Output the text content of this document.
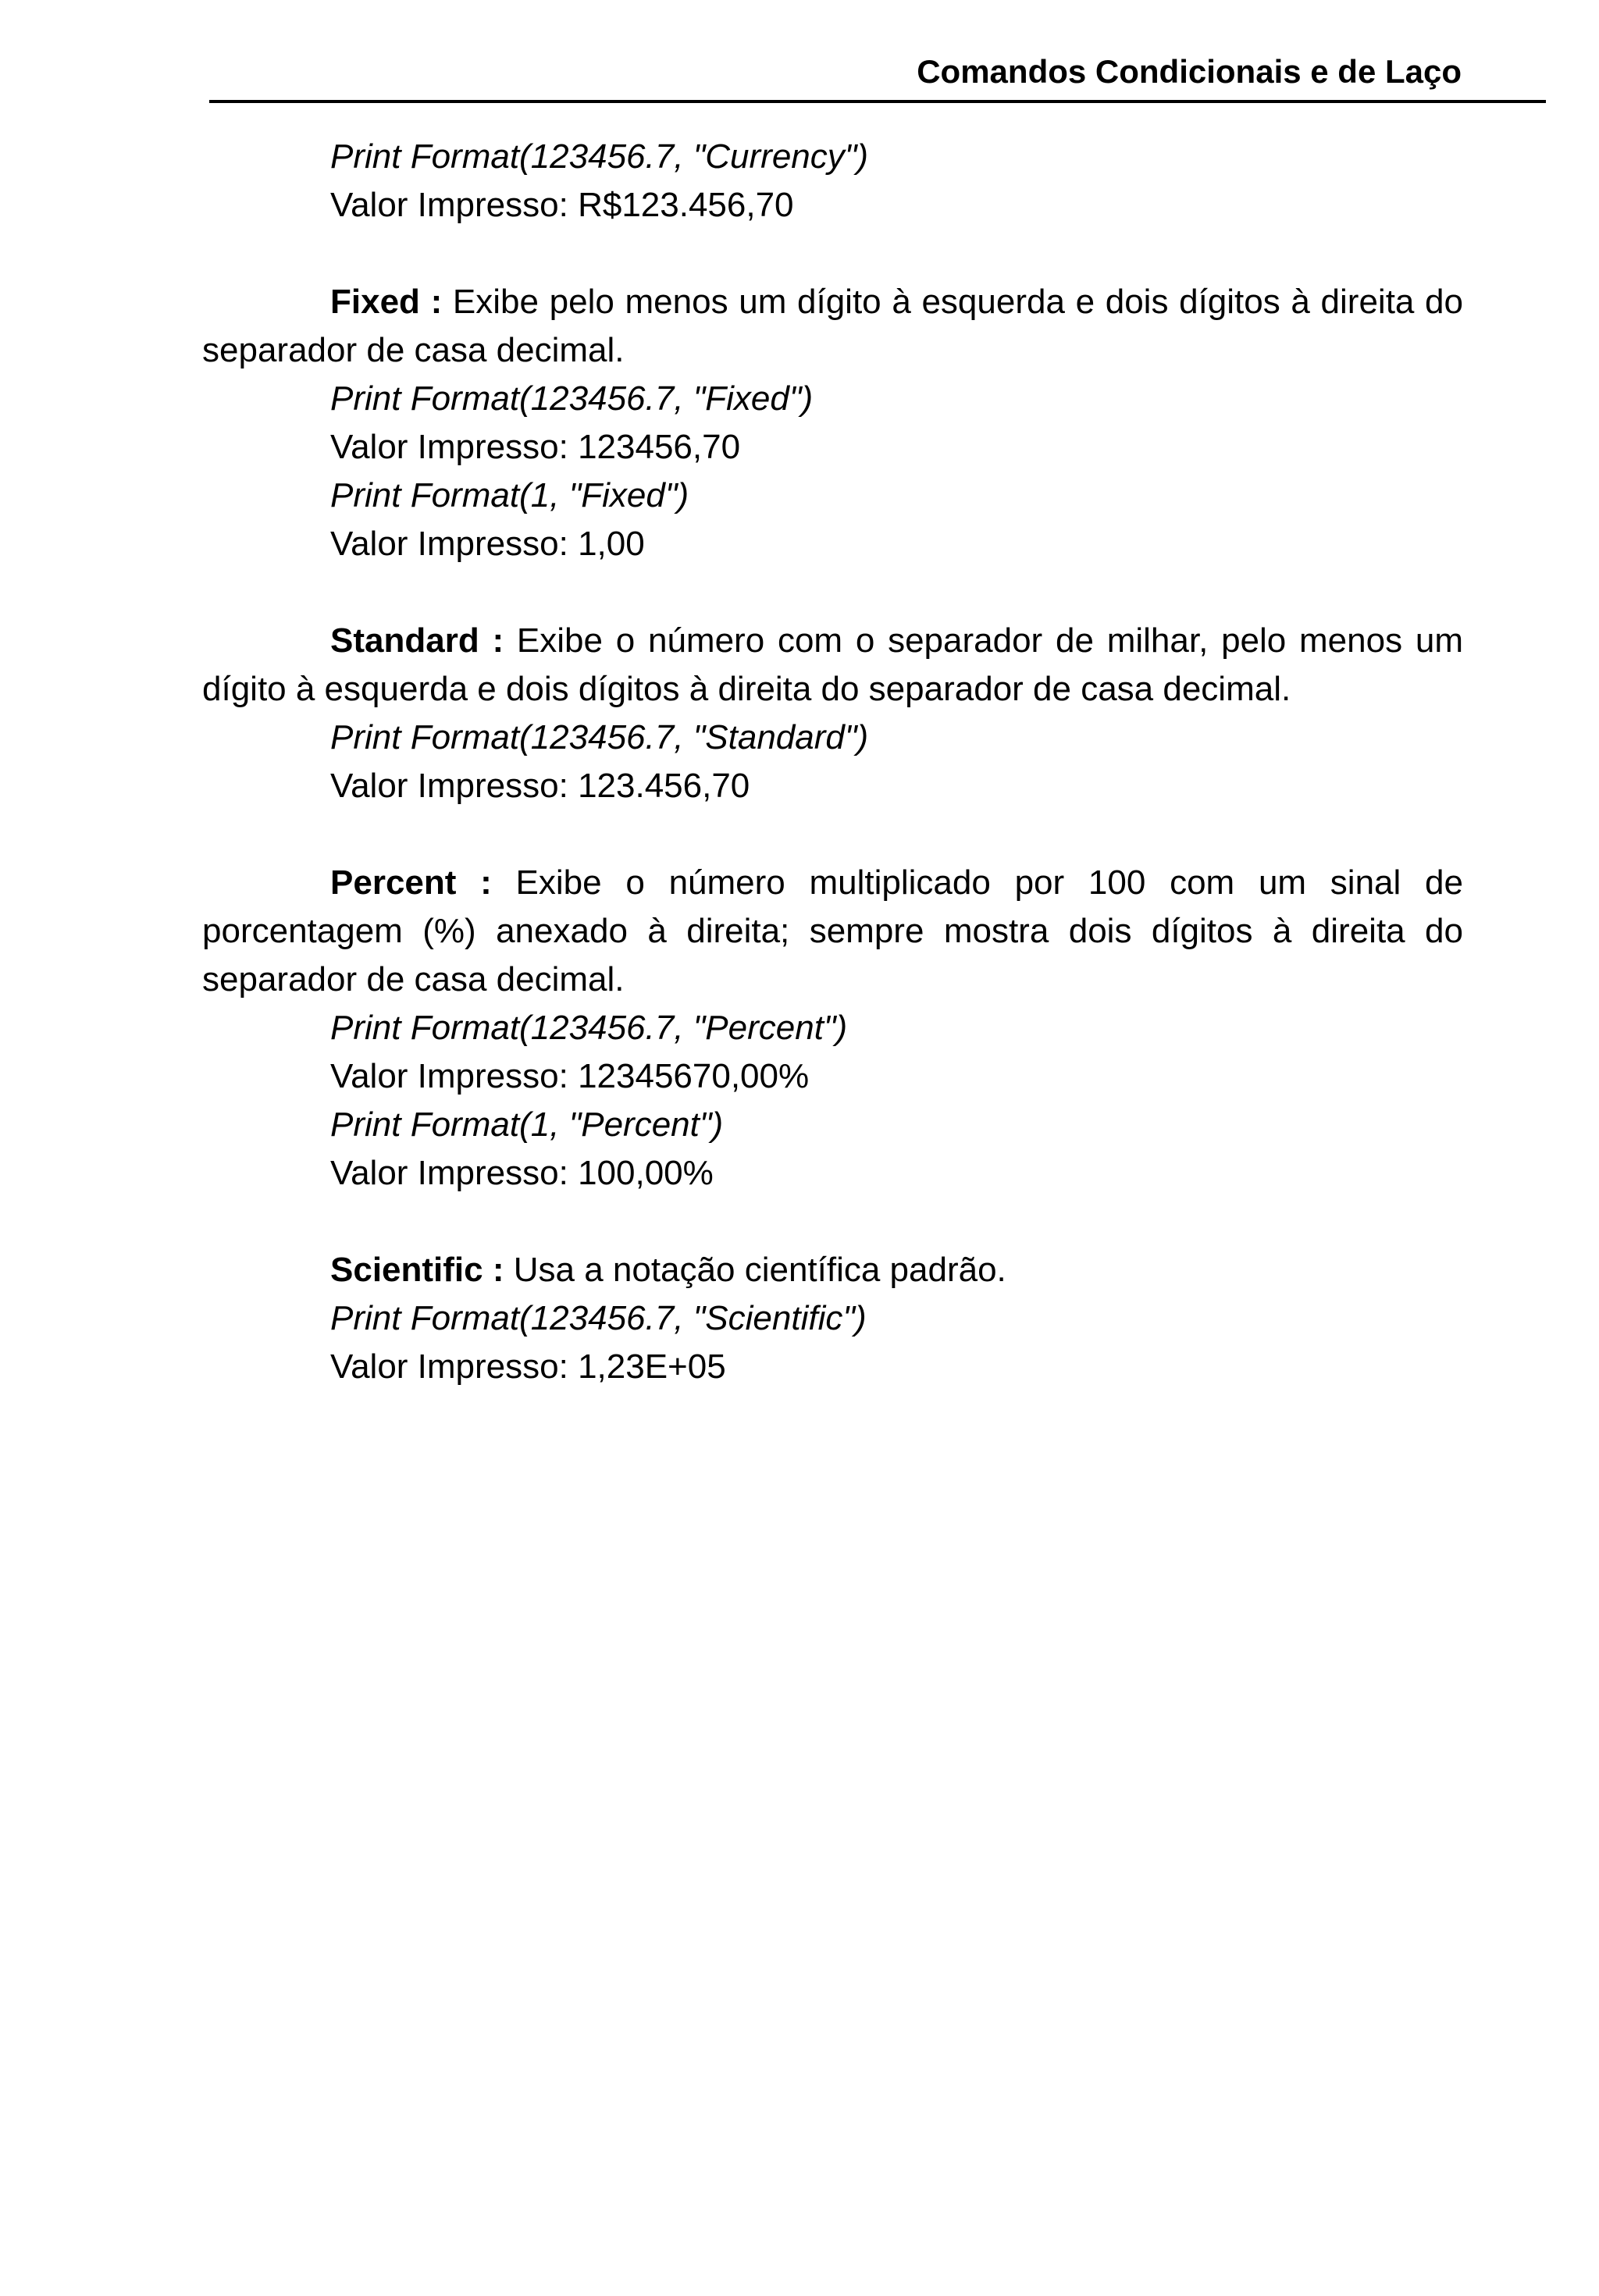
Comandos Condicionais e de Laço
Print Format(123456.7, "Currency")
Valor Impresso: R$123.456,70
Fixed : Exibe pelo menos um dígito à esquerda e dois dígitos à direita do separador de casa decimal.
Print Format(123456.7, "Fixed")
Valor Impresso: 123456,70
Print Format(1, "Fixed")
Valor Impresso: 1,00
Standard : Exibe o número com o separador de milhar, pelo menos um dígito à esquerda e dois dígitos à direita do separador de casa decimal.
Print Format(123456.7, "Standard")
Valor Impresso: 123.456,70
Percent : Exibe o número multiplicado por 100 com um sinal de porcentagem (%) anexado à direita; sempre mostra dois dígitos à direita do separador de casa decimal.
Print Format(123456.7, "Percent")
Valor Impresso: 12345670,00%
Print Format(1, "Percent")
Valor Impresso: 100,00%
Scientific : Usa a notação científica padrão.
Print Format(123456.7, "Scientific")
Valor Impresso: 1,23E+05
